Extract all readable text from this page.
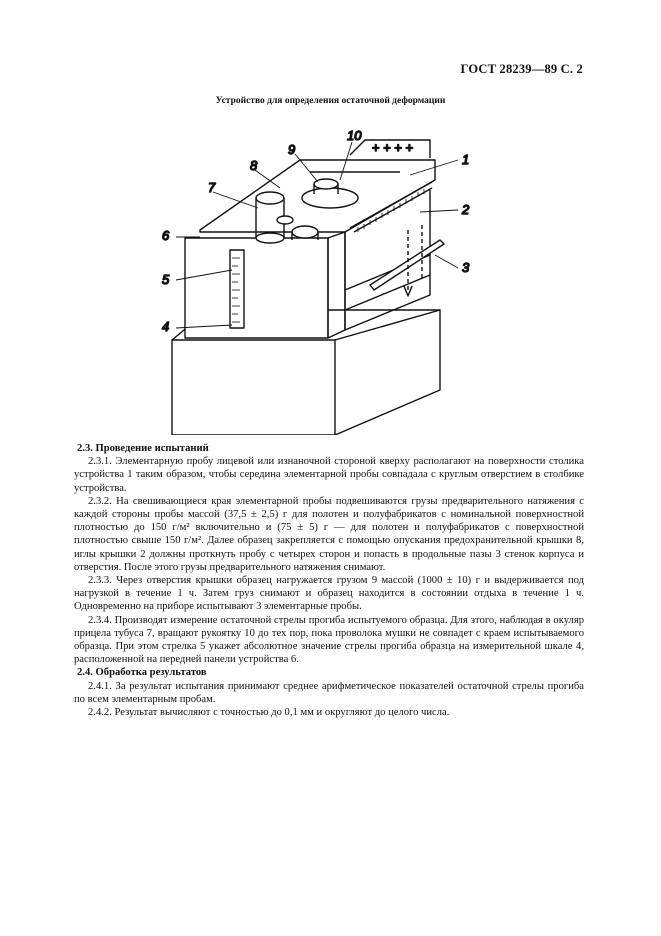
ГОСТ 28239—89 С. 2
Устройство для определения остаточной деформации
+ + + +
1
2
3
4
5
6
7
8
9
10

2.3. Проведение испытаний

2.3.1. Элементарную пробу лицевой или изнаночной стороной кверху располагают на поверхности столика устройства 1 таким образом, чтобы середина элементарной пробы совпадала с круглым отверстием в столбике устройства.

2.3.2. На свешивающиеся края элементарной пробы подвешиваются грузы предварительного натяжения с каждой стороны пробы массой (37,5 ± 2,5) г для полотен и полуфабрикатов с номинальной поверхностной плотностью до 150 г/м² включительно и (75 ± 5) г — для полотен и полуфабрикатов с поверхностной плотностью свыше 150 г/м². Далее образец закрепляется с помощью опускания предохранительной крышки 8, иглы крышки 2 должны проткнуть пробу с четырех сторон и попасть в продольные пазы 3 стенок корпуса и отверстия. После этого грузы предварительного натяжения снимают.

2.3.3. Через отверстия крышки образец нагружается грузом 9 массой (1000 ± 10) г и выдерживается под нагрузкой в течение 1 ч. Затем груз снимают и образец находится в состоянии отдыха в течение 1 ч. Одновременно на приборе испытывают 3 элементарные пробы.

2.3.4. Производят измерение остаточной стрелы прогиба испытуемого образца. Для этого, наблюдая в окуляр прицела тубуса 7, вращают рукоятку 10 до тех пор, пока проволока мушки не совпадет с краем испытываемого образца. При этом стрелка 5 укажет абсолютное значение стрелы прогиба образца на измерительной шкале 4, расположенной на передней панели устройства 6.

2.4. Обработка результатов

2.4.1. За результат испытания принимают среднее арифметическое показателей остаточной стрелы прогиба по всем элементарным пробам.

2.4.2. Результат вычисляют с точностью до 0,1 мм и округляют до целого числа.
